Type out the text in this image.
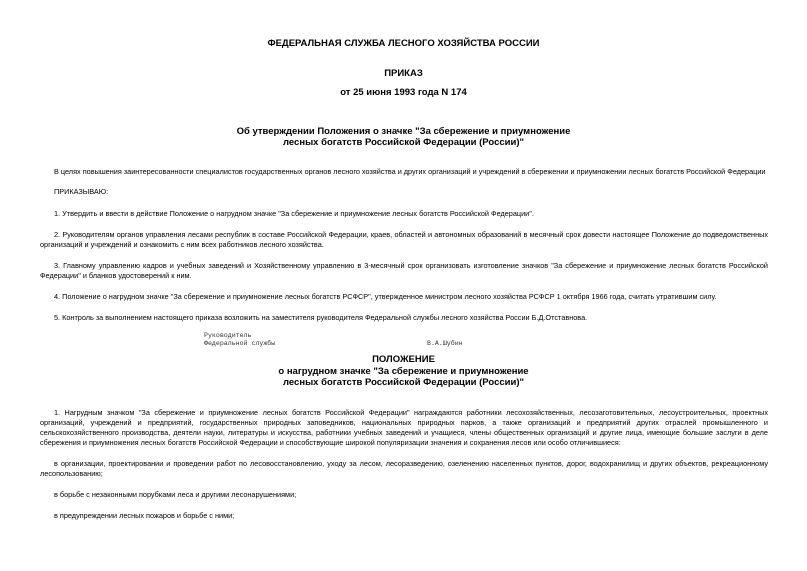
ФЕДЕРАЛЬНАЯ СЛУЖБА ЛЕСНОГО ХОЗЯЙСТВА РОССИИ
ПРИКАЗ
от 25 июня 1993 года N 174
Об утверждении Положения о значке "За сбережение и приумножение
лесных богатств Российской Федерации (России)"

В целях повышения заинтересованности специалистов государственных органов лесного хозяйства и других организаций и учреждений в сбережении и приумножении лесных богатств Российской Федерации

ПРИКАЗЫВАЮ:

1. Утвердить и ввести в действие Положение о нагрудном значке "За сбережение и приумножение лесных богатств Российской Федерации".

2. Руководителям органов управления лесами республик в составе Российской Федерации, краев, областей и автономных образований в месячный срок довести настоящее Положение до подведомственных организаций и учреждений и ознакомить с ним всех работников лесного хозяйства.

3. Главному управлению кадров и учебных заведений и Хозяйственному управлению в 3-месячный срок организовать изготовление значков "За сбережение и приумножение лесных богатств Российской Федерации" и бланков удостоверений к ним.

4. Положение о нагрудном значке "За сбережение и приумножение лесных богатств РСФСР", утвержденное министром лесного хозяйства РСФСР 1 октября 1966 года, считать утратившим силу.

5. Контроль за выполнением настоящего приказа возложить на заместителя руководителя Федеральной службы лесного хозяйства России Б.Д.Отставнова.

Руководитель
Федеральной службы	В.А.Шубин
ПОЛОЖЕНИЕ
о нагрудном значке "За сбережение и приумножение
лесных богатств Российской Федерации (России)"

1. Нагрудным значком "За сбережение и приумножение лесных богатств Российской Федерации" награждаются работники лесохозяйственных, лесозаготовительных, лесоустроительных, проектных организаций, учреждений и предприятий, государственных природных заповедников, национальных природных парков, а также организаций и предприятий других отраслей промышленного и сельскохозяйственного производства, деятели науки, литературы и искусства, работники учебных заведений и учащиеся, члены общественных организаций и другие лица, имеющие большие заслуги в деле сбережения и приумножения лесных богатств Российской Федерации и способствующие широкой популяризации значения и сохранения лесов или особо отличившиеся:

в организации, проектировании и проведении работ по лесовосстановлению, уходу за лесом, лесоразведению, озеленению населенных пунктов, дорог, водохранилищ и других объектов, рекреационному лесопользованию;

в борьбе с незаконными порубками леса и другими лесонарушениями;

в предупреждении лесных пожаров и борьбе с ними;
